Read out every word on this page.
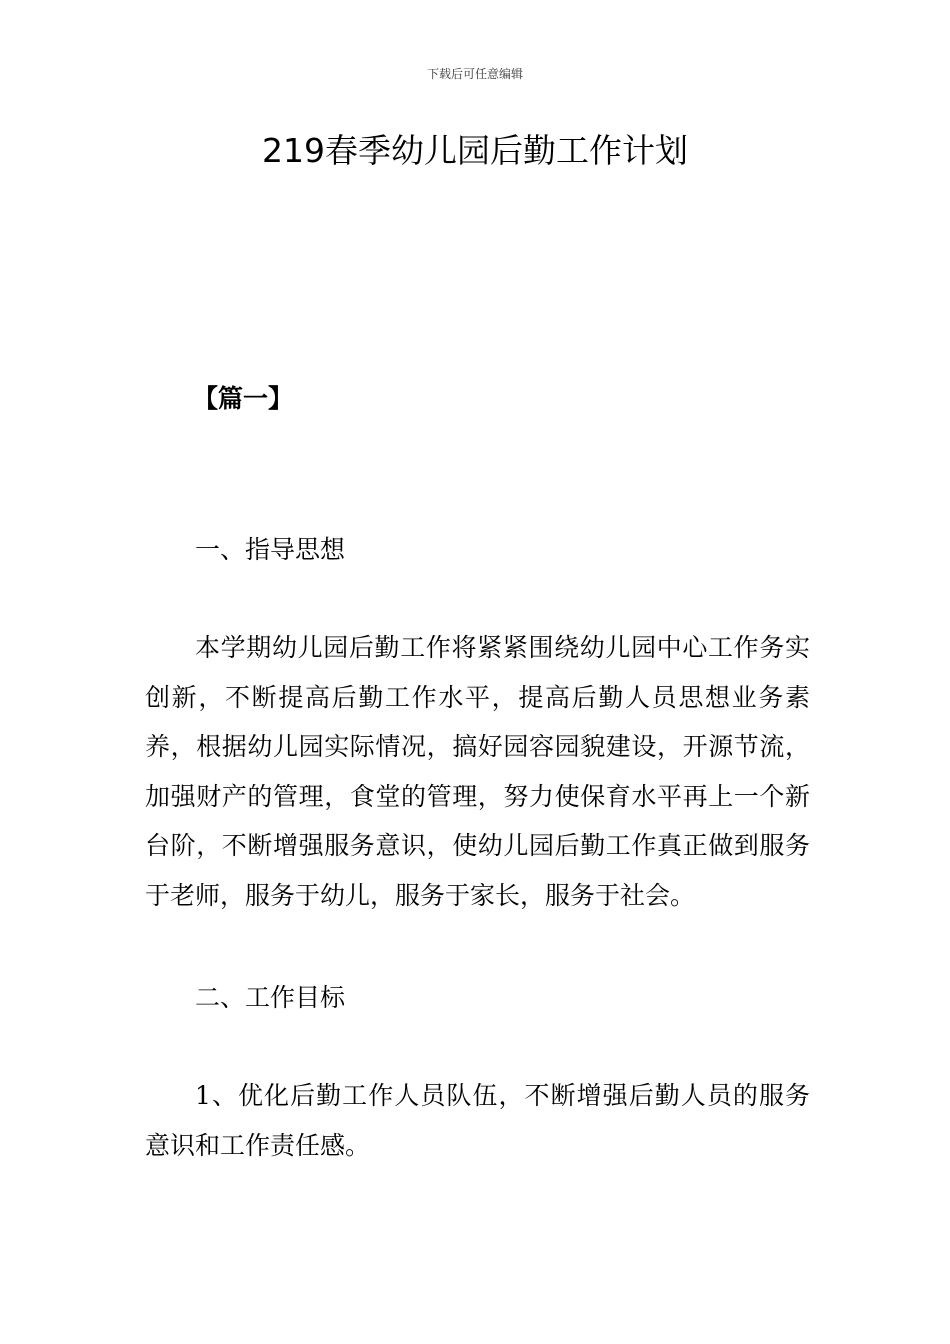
下载后可任意编辑
219春季幼儿园后勤工作计划
【篇一】
一、指导思想

本学期幼儿园后勤工作将紧紧围绕幼儿园中心工作务实创新，不断提高后勤工作水平，提高后勤人员思想业务素养，根据幼儿园实际情况，搞好园容园貌建设，开源节流，加强财产的管理，食堂的管理，努力使保育水平再上一个新台阶，不断增强服务意识，使幼儿园后勤工作真正做到服务于老师，服务于幼儿，服务于家长，服务于社会。

二、工作目标

1、优化后勤工作人员队伍，不断增强后勤人员的服务意识和工作责任感。
